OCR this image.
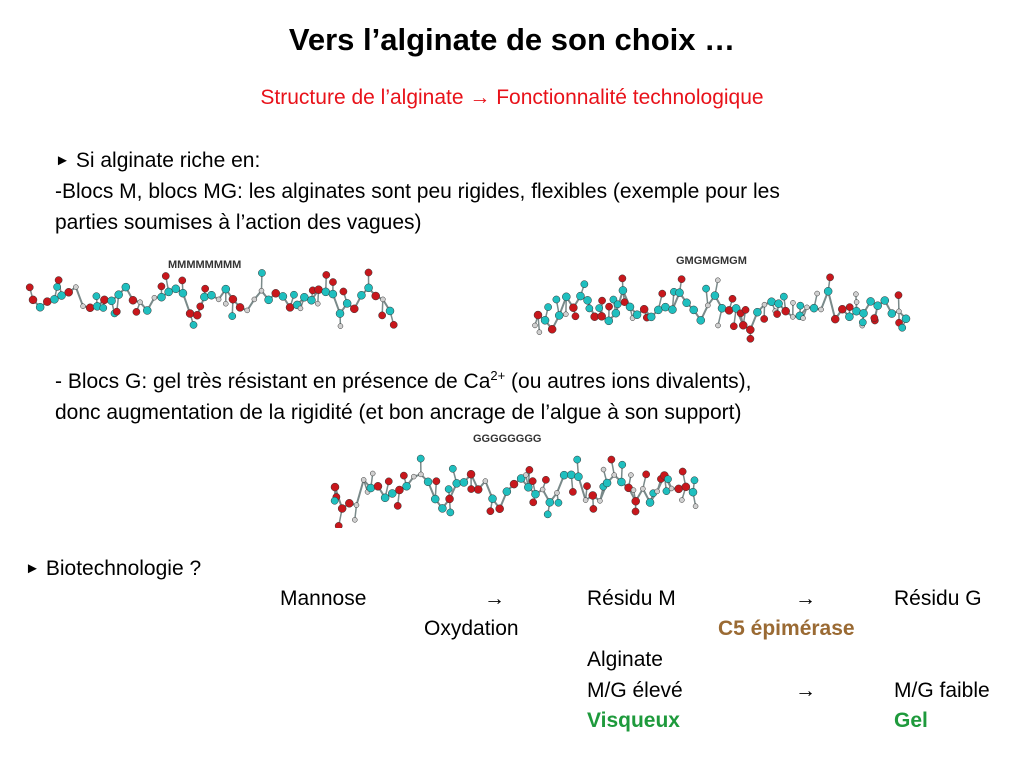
Vers l’alginate de son choix …
Structure de l’alginate → Fonctionnalité technologique
► Si alginate riche en:
-Blocs M, blocs MG: les alginates sont peu rigides, flexibles (exemple pour les
parties soumises à l’action des vagues)
MMMMMMMM	GMGMGMGM
- Blocs G: gel très résistant en présence de $Ca^{2+}$ (ou autres ions divalents),
donc augmentation de la rigidité (et bon ancrage de l’algue à son support)
GGGGGGGG
► Biotechnologie ?
Mannose	→	Résidu M	→	Résidu G
Oxydation	C5 épimérase
Alginate
M/G élevé	→	M/G faible
Visqueux	Gel
